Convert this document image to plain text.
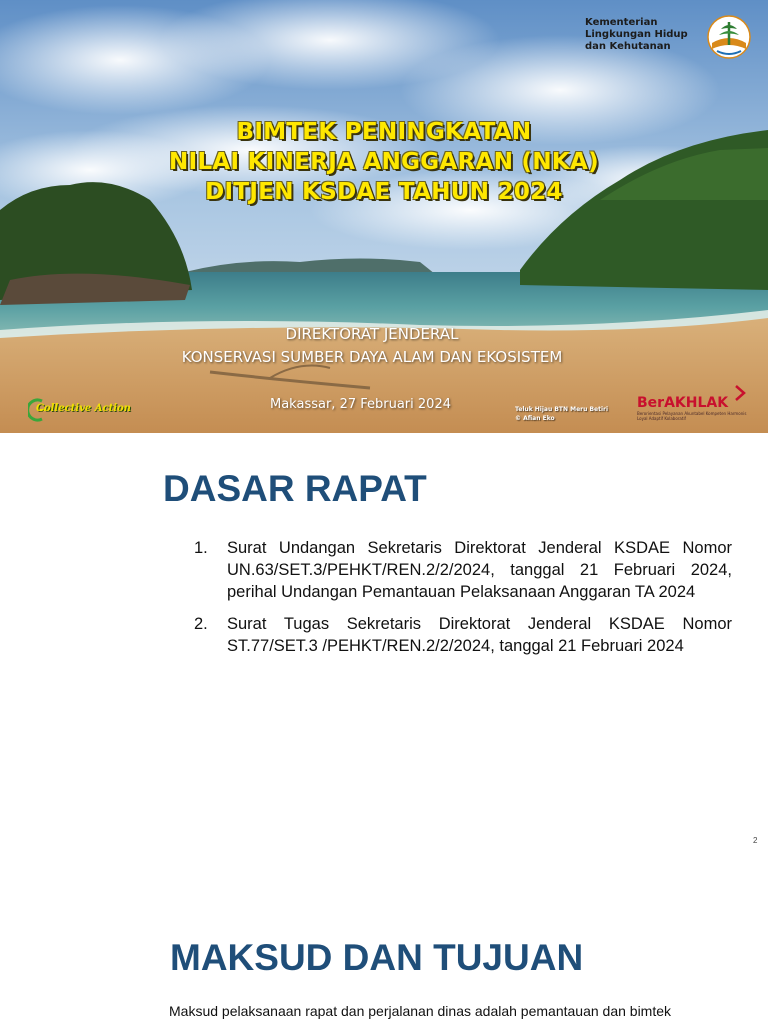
Kementerian
Lingkungan Hidup
dan Kehutanan
BIMTEK PENINGKATAN
NILAI KINERJA ANGGARAN (NKA)
DITJEN KSDAE TAHUN 2024
DIREKTORAT JENDERAL
KONSERVASI SUMBER DAYA ALAM DAN EKOSISTEM
Collective Action	Makassar, 27 Februari 2024	Teluk Hijau BTN Meru Betiri
© Afian Eko
BerAKHLAK
Berorientasi Pelayanan Akuntabel Kompeten Harmonis Loyal Adaptif Kolaboratif
DASAR RAPAT
1. Surat Undangan Sekretaris Direktorat Jenderal KSDAE Nomor UN.63/SET.3/PEHKT/REN.2/2/2024, tanggal 21 Februari 2024, perihal Undangan Pemantauan Pelaksanaan Anggaran TA 2024
2. Surat Tugas Sekretaris Direktorat Jenderal KSDAE Nomor ST.77/SET.3 /PEHKT/REN.2/2/2024, tanggal 21 Februari 2024
2
MAKSUD DAN TUJUAN
Maksud pelaksanaan rapat dan perjalanan dinas adalah pemantauan dan bimtek
